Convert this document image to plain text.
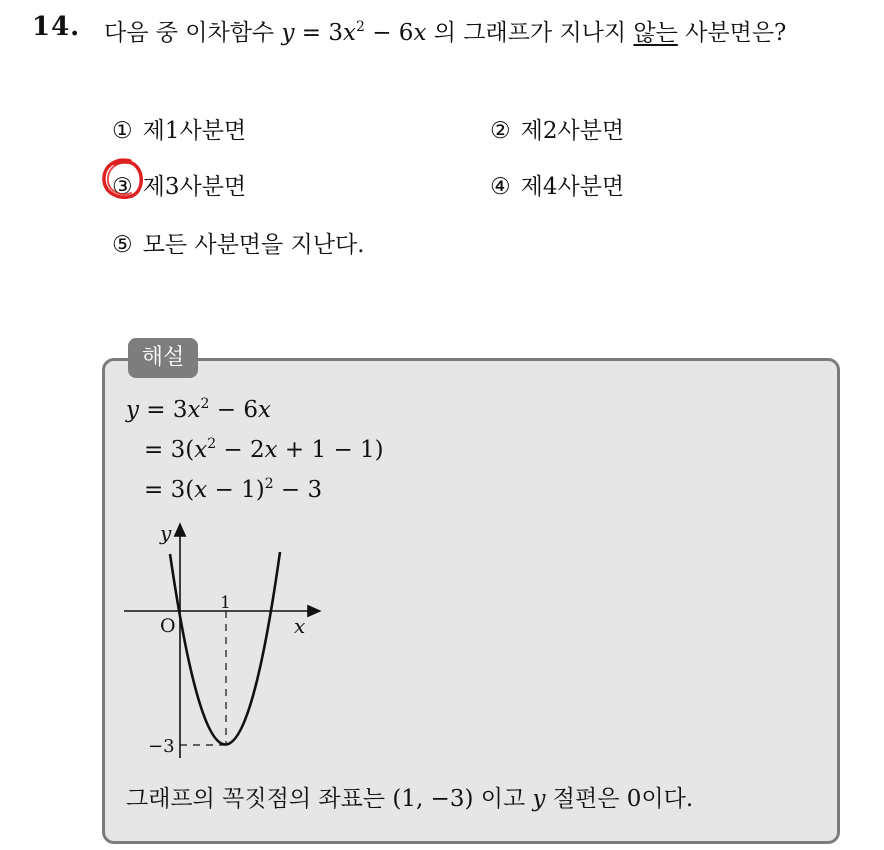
14. 다음 중 이차함수 $y = 3x^2 - 6x$ 의 그래프가 지나지 않는 사분면은?
① 제1사분면	② 제2사분면
③ 제3사분면	④ 제4사분면
⑤ 모든 사분면을 지난다.
해설
$y = 3x^2 - 6x$
= $3(x^2 - 2x + 1 - 1)$
= $3(x - 1)^2 - 3$
y
x
O
1
−3
그래프의 꼭짓점의 좌표는 (1, −3) 이고 y 절편은 0이다.
